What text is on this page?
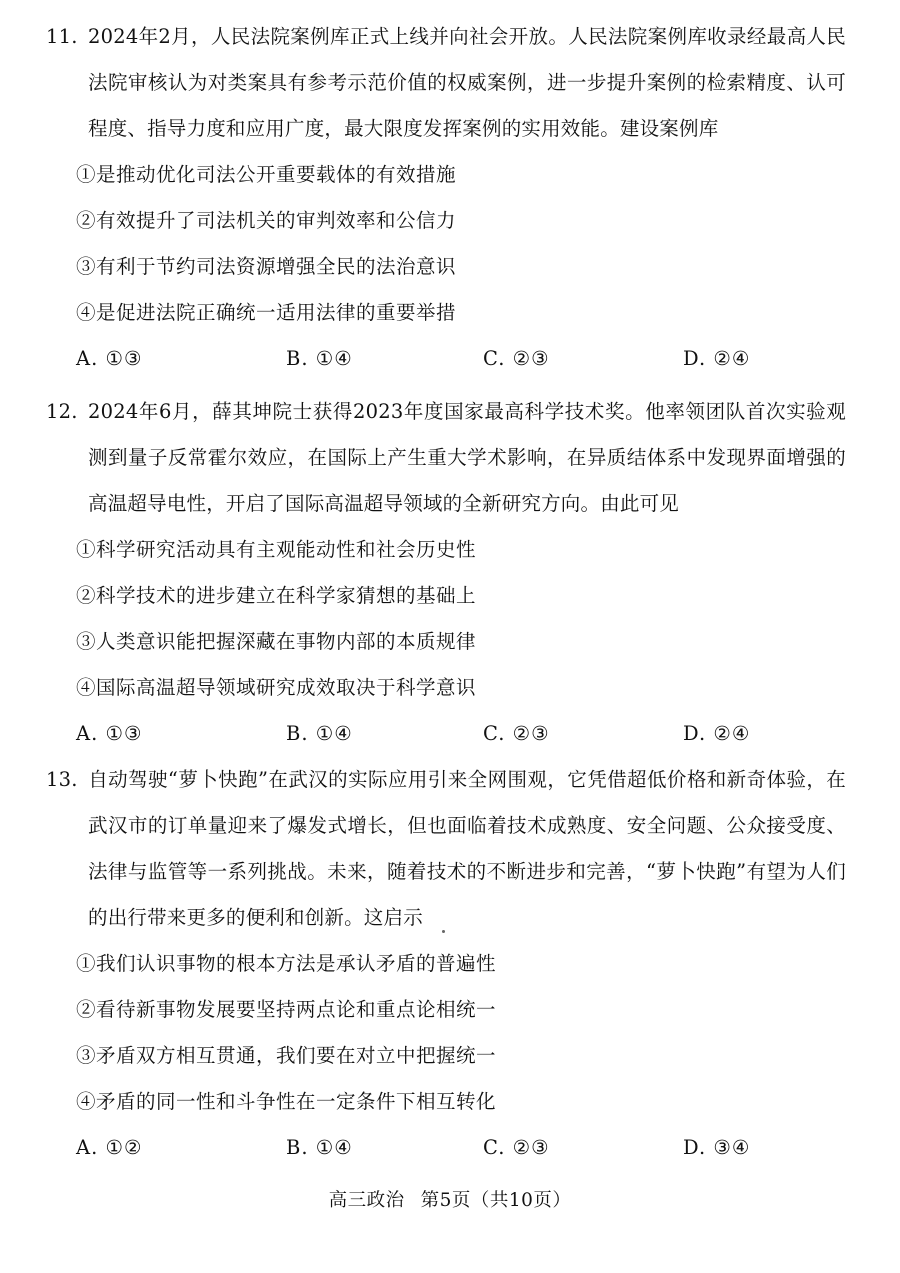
11. 2024年2月，人民法院案例库正式上线并向社会开放。人民法院案例库收录经最高人民法院审核认为对类案具有参考示范价值的权威案例，进一步提升案例的检索精度、认可程度、指导力度和应用广度，最大限度发挥案例的实用效能。建设案例库
①是推动优化司法公开重要载体的有效措施
②有效提升了司法机关的审判效率和公信力
③有利于节约司法资源增强全民的法治意识
④是促进法院正确统一适用法律的重要举措
A. ①③	B. ①④	C. ②③	D. ②④
12. 2024年6月，薛其坤院士获得2023年度国家最高科学技术奖。他率领团队首次实验观测到量子反常霍尔效应，在国际上产生重大学术影响，在异质结体系中发现界面增强的高温超导电性，开启了国际高温超导领域的全新研究方向。由此可见
①科学研究活动具有主观能动性和社会历史性
②科学技术的进步建立在科学家猜想的基础上
③人类意识能把握深藏在事物内部的本质规律
④国际高温超导领域研究成效取决于科学意识
A. ①③	B. ①④	C. ②③	D. ②④
13. 自动驾驶“萝卜快跑”在武汉的实际应用引来全网围观，它凭借超低价格和新奇体验，在武汉市的订单量迎来了爆发式增长，但也面临着技术成熟度、安全问题、公众接受度、法律与监管等一系列挑战。未来，随着技术的不断进步和完善，“萝卜快跑”有望为人们的出行带来更多的便利和创新。这启示
①我们认识事物的根本方法是承认矛盾的普遍性
②看待新事物发展要坚持两点论和重点论相统一
③矛盾双方相互贯通，我们要在对立中把握统一
④矛盾的同一性和斗争性在一定条件下相互转化
A. ①②	B. ①④	C. ②③	D. ③④
高三政治 第5页（共10页）
